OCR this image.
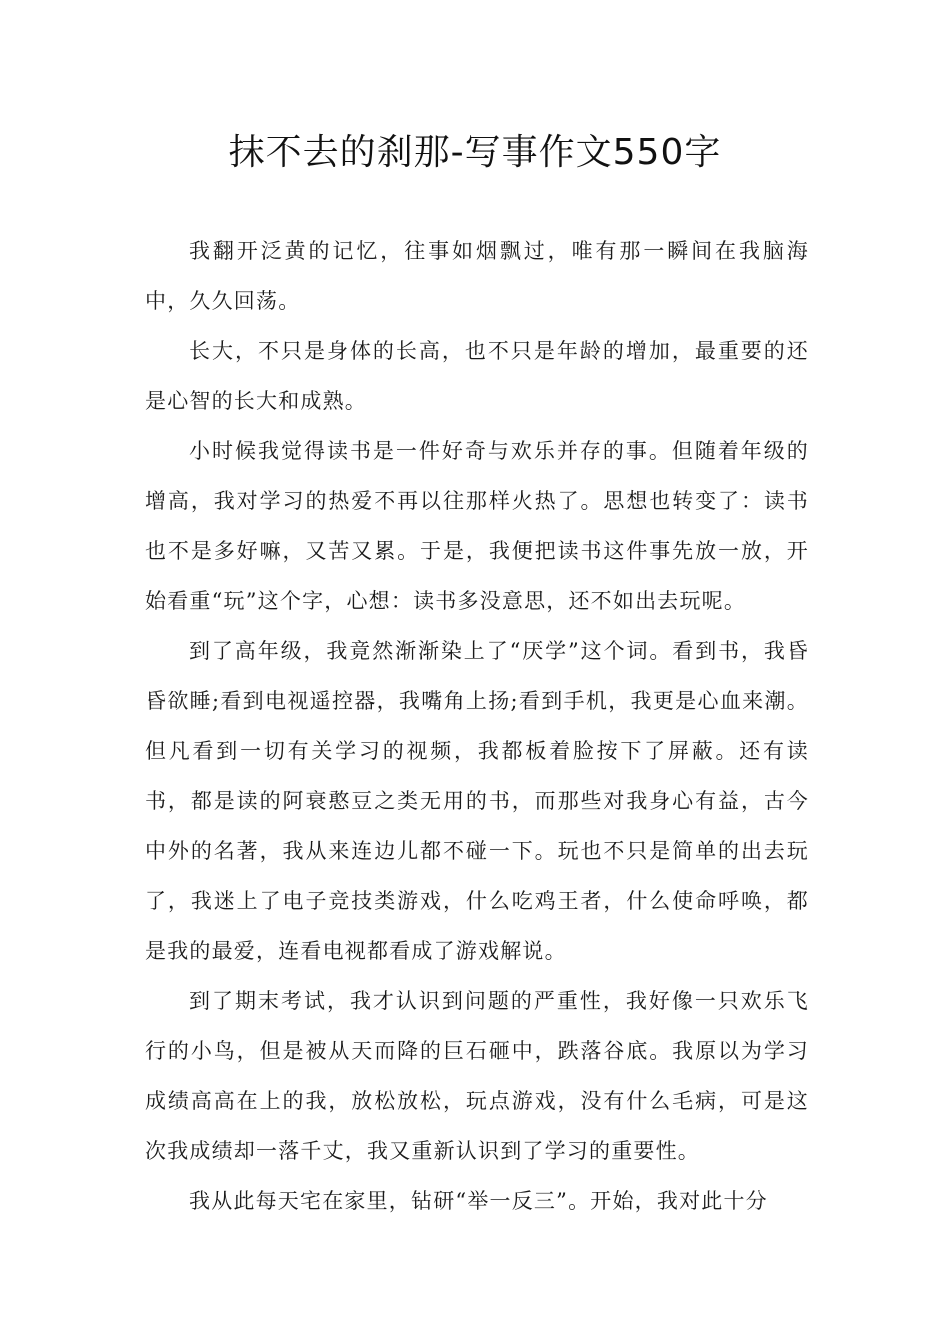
抹不去的刹那-写事作文550字

我翻开泛黄的记忆，往事如烟飘过，唯有那一瞬间在我脑海中，久久回荡。

长大，不只是身体的长高，也不只是年龄的增加，最重要的还是心智的长大和成熟。

小时候我觉得读书是一件好奇与欢乐并存的事。但随着年级的增高，我对学习的热爱不再以往那样火热了。思想也转变了：读书也不是多好嘛，又苦又累。于是，我便把读书这件事先放一放，开始看重“玩”这个字，心想：读书多没意思，还不如出去玩呢。

到了高年级，我竟然渐渐染上了“厌学”这个词。看到书，我昏昏欲睡;看到电视遥控器，我嘴角上扬;看到手机，我更是心血来潮。但凡看到一切有关学习的视频，我都板着脸按下了屏蔽。还有读书，都是读的阿衰憨豆之类无用的书，而那些对我身心有益，古今中外的名著，我从来连边儿都不碰一下。玩也不只是简单的出去玩了，我迷上了电子竞技类游戏，什么吃鸡王者，什么使命呼唤，都是我的最爱，连看电视都看成了游戏解说。

到了期末考试，我才认识到问题的严重性，我好像一只欢乐飞行的小鸟，但是被从天而降的巨石砸中，跌落谷底。我原以为学习成绩高高在上的我，放松放松，玩点游戏，没有什么毛病，可是这次我成绩却一落千丈，我又重新认识到了学习的重要性。

我从此每天宅在家里，钻研“举一反三”。开始，我对此十分
